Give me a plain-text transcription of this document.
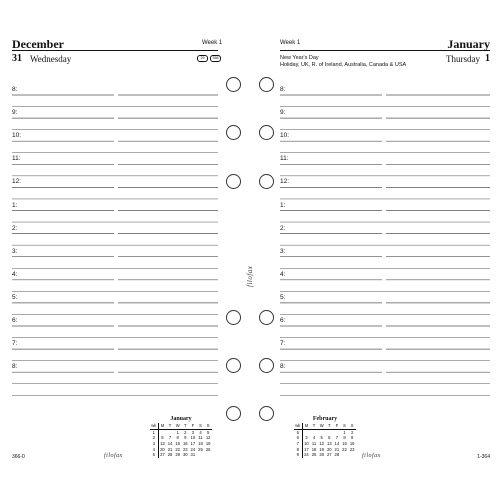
December	Week 1
31 Wednesday	29	358
8:
9:
10:
11:
12:
1:
2:
3:
4:
5:
6:
7:
8:
January
wk	M	T	W	T	F	S	S
1			1	2	3	4	5
2	6	7	8	9	10	11	12
3	13	14	15	16	17	18	19
4	20	21	22	23	24	25	26
5	27	28	29	30	31		
366-0	filofax
Week 1	January
New Year's Day
Holiday, UK, R. of Ireland, Australia, Canada & USA
Thursday 1
8:
9:
10:
11:
12:
1:
2:
3:
4:
5:
6:
7:
8:
February
wk	M	T	W	T	F	S	S
5						1	2
6	3	4	5	6	7	8	9
7	10	11	12	13	14	15	16
8	17	18	19	20	21	22	23
9	24	25	26	27	28			filofax	1-364
filofax
